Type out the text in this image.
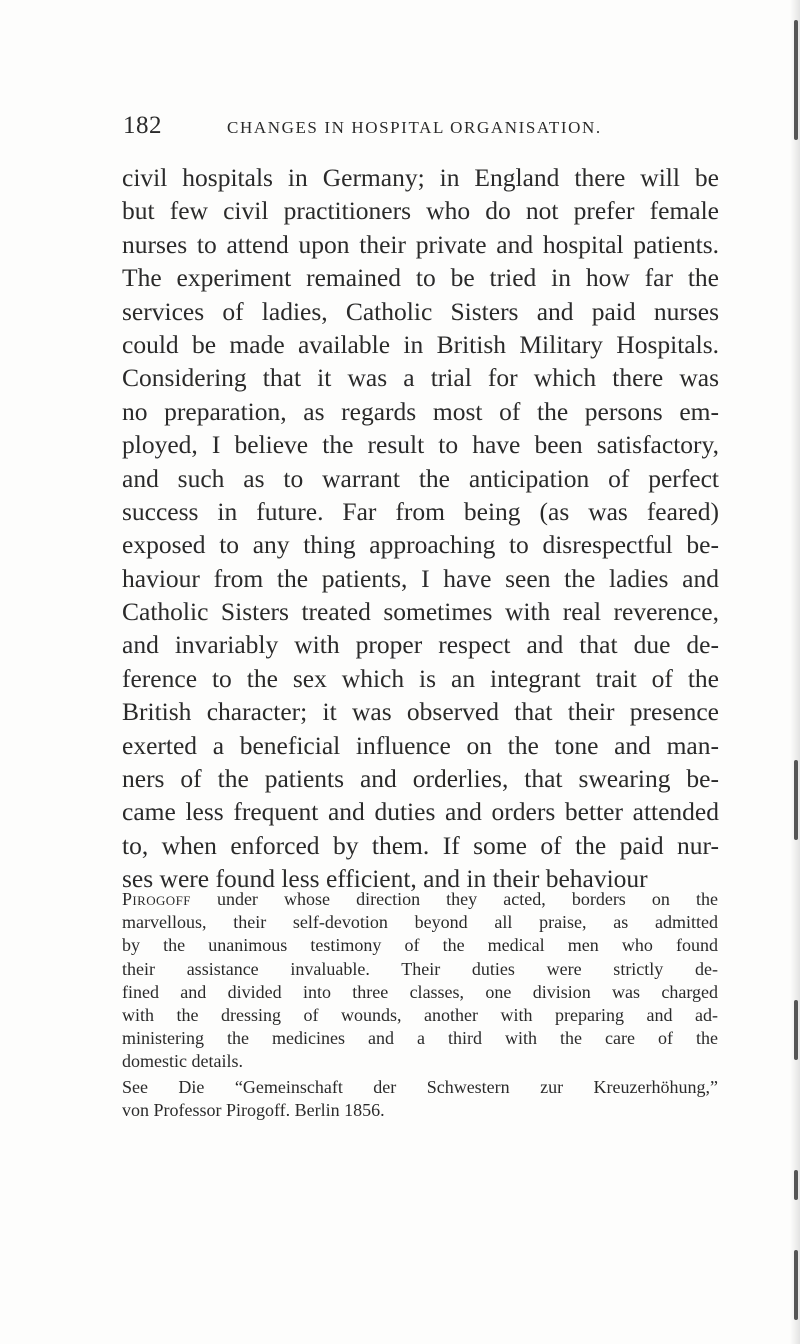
182	CHANGES IN HOSPITAL ORGANISATION.
civil hospitals in Germany; in England there will be
but few civil practitioners who do not prefer female
nurses to attend upon their private and hospital patients.
The experiment remained to be tried in how far the
services of ladies, Catholic Sisters and paid nurses
could be made available in British Military Hospitals.
Considering that it was a trial for which there was
no preparation, as regards most of the persons em-
ployed, I believe the result to have been satisfactory,
and such as to warrant the anticipation of perfect
success in future. Far from being (as was feared)
exposed to any thing approaching to disrespectful be-
haviour from the patients, I have seen the ladies and
Catholic Sisters treated sometimes with real reverence,
and invariably with proper respect and that due de-
ference to the sex which is an integrant trait of the
British character; it was observed that their presence
exerted a beneficial influence on the tone and man-
ners of the patients and orderlies, that swearing be-
came less frequent and duties and orders better attended
to, when enforced by them. If some of the paid nur-
ses were found less efficient, and in their behaviour
Pirogoff under whose direction they acted, borders on the
marvellous, their self-devotion beyond all praise, as admitted
by the unanimous testimony of the medical men who found
their assistance invaluable. Their duties were strictly de-
fined and divided into three classes, one division was charged
with the dressing of wounds, another with preparing and ad-
ministering the medicines and a third with the care of the
domestic details.
See Die “Gemeinschaft der Schwestern zur Kreuzerhöhung,”
von Professor Pirogoff. Berlin 1856.
